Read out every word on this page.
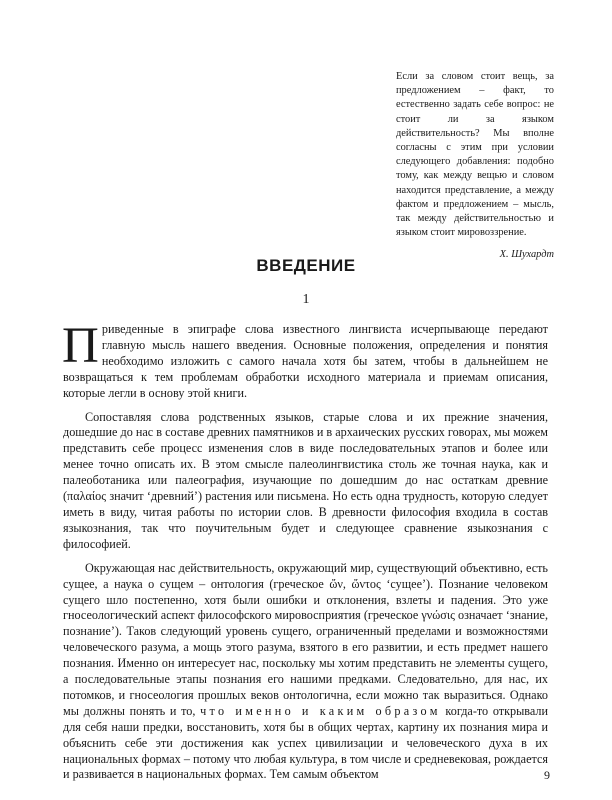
Если за словом стоит вещь, за предложением – факт, то естественно задать себе вопрос: не стоит ли за языком действительность? Мы вполне согласны с этим при условии следующего добавления: подобно тому, как между вещью и словом находится представление, а между фактом и предложением – мысль, так между действительностью и языком стоит мировоззрение.

Х. Шухардт

ВВЕДЕНИЕ
1

Приведенные в эпиграфе слова известного лингвиста исчерпывающе передают главную мысль нашего введения. Основные положения, определения и понятия необходимо изложить с самого начала хотя бы затем, чтобы в дальнейшем не возвращаться к тем проблемам обработки исходного материала и приемам описания, которые легли в основу этой книги.

Сопоставляя слова родственных языков, старые слова и их прежние значения, дошедшие до нас в составе древних памятников и в архаических русских говорах, мы можем представить себе процесс изменения слов в виде последовательных этапов и более или менее точно описать их. В этом смысле палеолингвистика столь же точная наука, как и палеоботаника или палеография, изучающие по дошедшим до нас остаткам древние (παλαίος значит ‘древний’) растения или письмена. Но есть одна трудность, которую следует иметь в виду, читая работы по истории слов. В древности философия входила в состав языкознания, так что поучительным будет и следующее сравнение языкознания с философией.

Окружающая нас действительность, окружающий мир, существующий объективно, есть сущее, а наука о сущем – онтология (греческое ὤν, ὤντος ‘сущее’). Познание человеком сущего шло постепенно, хотя были ошибки и отклонения, взлеты и падения. Это уже гносеологический аспект философского мировосприятия (греческое γνώσις означает ‘знание, познание’). Таков следующий уровень сущего, ограниченный пределами и возможностями человеческого разума, а мощь этого разума, взятого в его развитии, и есть предмет нашего познания. Именно он интересует нас, поскольку мы хотим представить не элементы сущего, а последовательные этапы познания его нашими предками. Следовательно, для нас, их потомков, и гносеология прошлых веков онтологична, если можно так выразиться. Однако мы должны понять и то, что именно и каким образом когда-то открывали для себя наши предки, восстановить, хотя бы в общих чертах, картину их познания мира и объяснить себе эти достижения как успех цивилизации и человеческого духа в их национальных формах – потому что любая культура, в том числе и средневековая, рождается и развивается в национальных формах. Тем самым объектом	9
